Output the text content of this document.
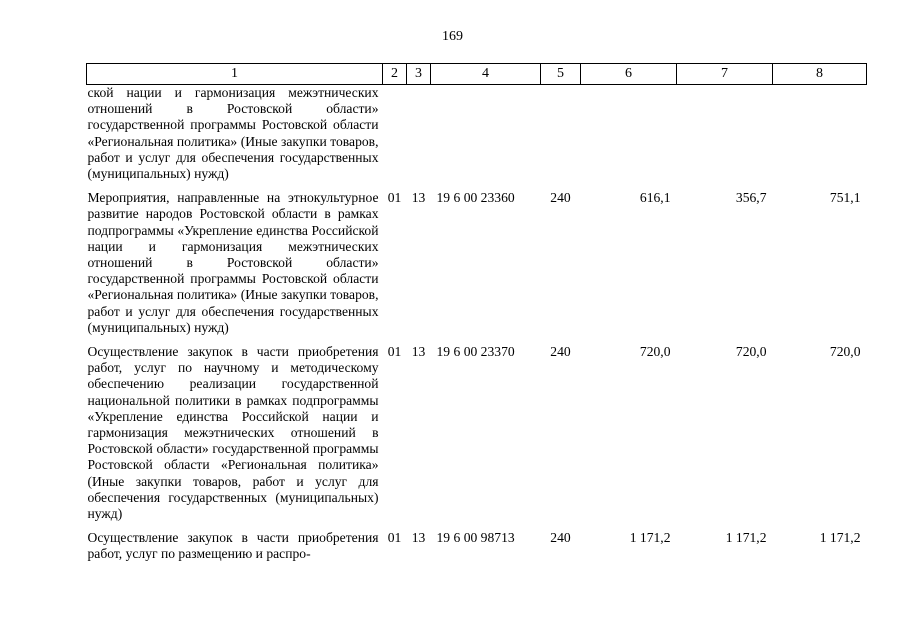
169
1	2	3	4	5	6	7	8
ской нации и гармонизация межэтнических отношений в Ростовской области» государственной программы Ростовской области «Региональная политика» (Иные закупки товаров, работ и услуг для обеспечения государственных (муниципальных) нужд)							
Мероприятия, направленные на этнокультурное развитие народов Ростовской области в рамках подпрограммы «Укрепление единства Российской нации и гармонизация межэтнических отношений в Ростовской области» государственной программы Ростовской области «Региональная политика» (Иные закупки товаров, работ и услуг для обеспечения государственных (муниципальных) нужд)	01	13	19 6 00 23360	240	616,1	356,7	751,1
Осуществление закупок в части приобретения работ, услуг по научному и методическому обеспечению реализации государственной национальной политики в рамках подпрограммы «Укрепление единства Российской нации и гармонизация межэтнических отношений в Ростовской области» государственной программы Ростовской области «Региональная политика» (Иные закупки товаров, работ и услуг для обеспечения государственных (муниципальных) нужд)	01	13	19 6 00 23370	240	720,0	720,0	720,0
Осуществление закупок в части приобретения работ, услуг по размещению и распро-	01	13	19 6 00 98713	240	1 171,2	1 171,2	1 171,2
